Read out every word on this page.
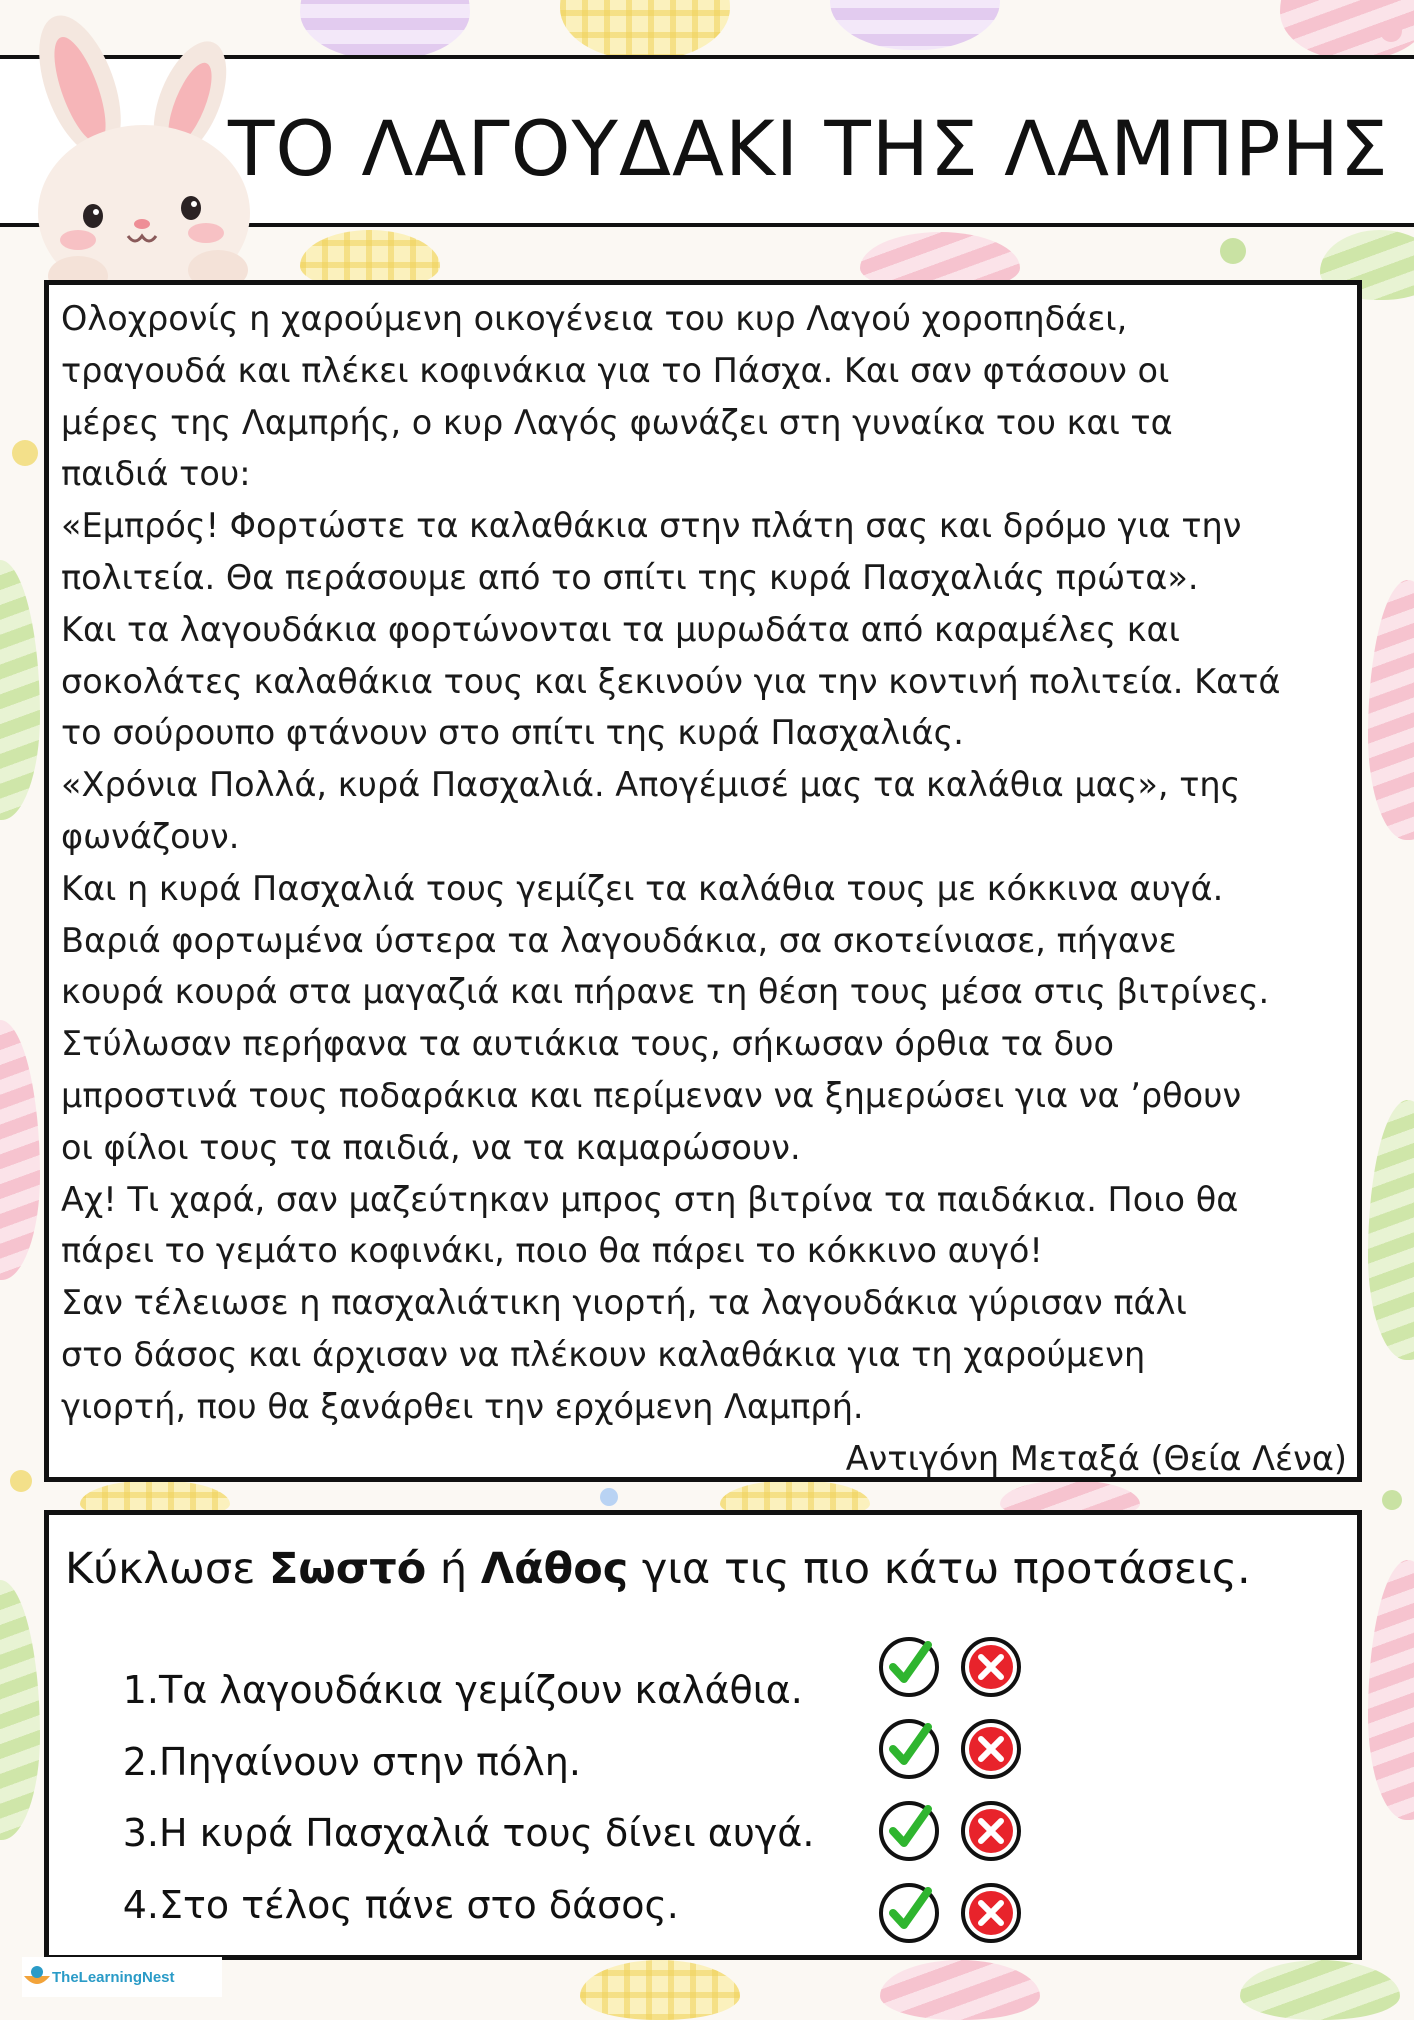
ΤΟ ΛΑΓΟΥΔΑΚΙ ΤΗΣ ΛΑΜΠΡΗΣ

Ολοχρονίς η χαρούμενη οικογένεια του κυρ Λαγού χοροπηδάει,

τραγουδά και πλέκει κοφινάκια για το Πάσχα. Και σαν φτάσουν οι

μέρες της Λαμπρής, ο κυρ Λαγός φωνάζει στη γυναίκα του και τα

παιδιά του:

«Εμπρός! Φορτώστε τα καλαθάκια στην πλάτη σας και δρόμο για την

πολιτεία. Θα περάσουμε από το σπίτι της κυρά Πασχαλιάς πρώτα».

Και τα λαγουδάκια φορτώνονται τα μυρωδάτα από καραμέλες και

σοκολάτες καλαθάκια τους και ξεκινούν για την κοντινή πολιτεία. Κατά

το σούρουπο φτάνουν στο σπίτι της κυρά Πασχαλιάς.

«Χρόνια Πολλά, κυρά Πασχαλιά. Απογέμισέ μας τα καλάθια μας», της

φωνάζουν.

Και η κυρά Πασχαλιά τους γεμίζει τα καλάθια τους με κόκκινα αυγά.

Βαριά φορτωμένα ύστερα τα λαγουδάκια, σα σκοτείνιασε, πήγανε

κουρά κουρά στα μαγαζιά και πήρανε τη θέση τους μέσα στις βιτρίνες.

Στύλωσαν περήφανα τα αυτιάκια τους, σήκωσαν όρθια τα δυο

μπροστινά τους ποδαράκια και περίμεναν να ξημερώσει για να ʼρθουν

οι φίλοι τους τα παιδιά, να τα καμαρώσουν.

Αχ! Τι χαρά, σαν μαζεύτηκαν μπρος στη βιτρίνα τα παιδάκια. Ποιο θα

πάρει το γεμάτο κοφινάκι, ποιο θα πάρει το κόκκινο αυγό!

Σαν τέλειωσε η πασχαλιάτικη γιορτή, τα λαγουδάκια γύρισαν πάλι

στο δάσος και άρχισαν να πλέκουν καλαθάκια για τη χαρούμενη

γιορτή, που θα ξανάρθει την ερχόμενη Λαμπρή.

Αντιγόνη Μεταξά (Θεία Λένα)

Κύκλωσε Σωστό ή Λάθος για τις πιο κάτω προτάσεις.
1.Τα λαγουδάκια γεμίζουν καλάθια.
2.Πηγαίνουν στην πόλη.
3.Η κυρά Πασχαλιά τους δίνει αυγά.
4.Στο τέλος πάνε στο δάσος.
TheLearningNest
